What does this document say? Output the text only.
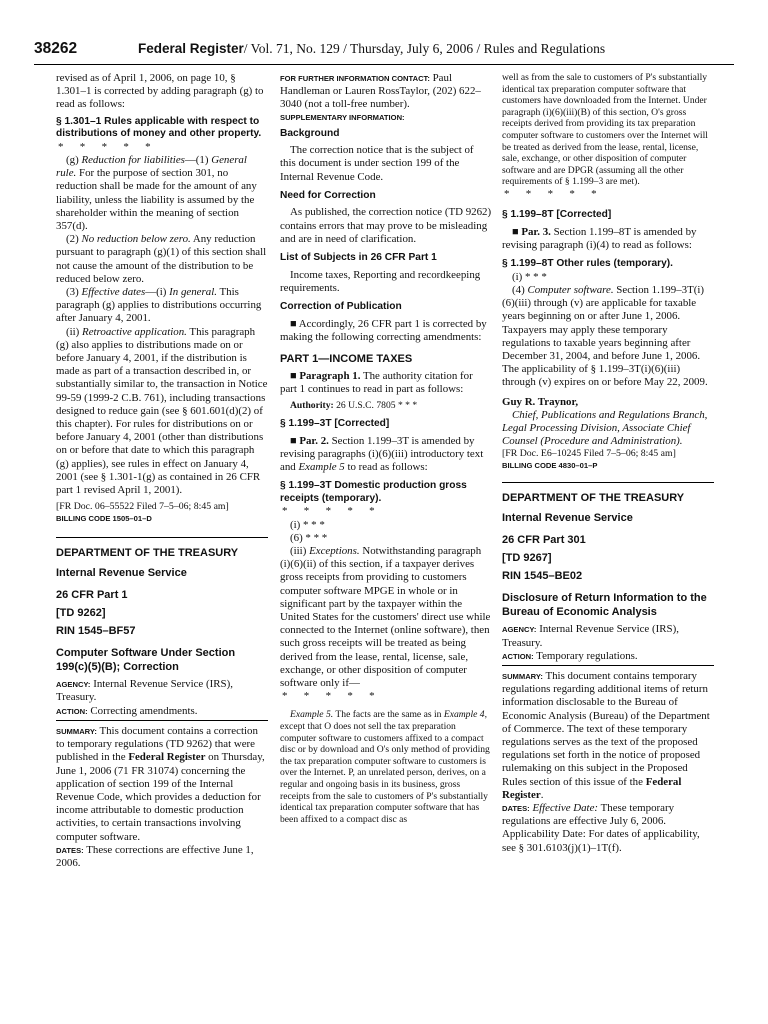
38262	Federal Register/ Vol. 71, No. 129 / Thursday, July 6, 2006 / Rules and Regulations

revised as of April 1, 2006, on page 10, § 1.301–1 is corrected by adding paragraph (g) to read as follows:

§ 1.301–1 Rules applicable with respect to distributions of money and other property.

*      *      *      *      *

(g) Reduction for liabilities—(1) General rule. For the purpose of section 301, no reduction shall be made for the amount of any liability, unless the liability is assumed by the shareholder within the meaning of section 357(d).

(2) No reduction below zero. Any reduction pursuant to paragraph (g)(1) of this section shall not cause the amount of the distribution to be reduced below zero.

(3) Effective dates—(i) In general. This paragraph (g) applies to distributions occurring after January 4, 2001.

(ii) Retroactive application. This paragraph (g) also applies to distributions made on or before January 4, 2001, if the distribution is made as part of a transaction described in, or substantially similar to, the transaction in Notice 99-59 (1999-2 C.B. 761), including transactions designed to reduce gain (see § 601.601(d)(2) of this chapter). For rules for distributions on or before January 4, 2001 (other than distributions on or before that date to which this paragraph (g) applies), see rules in effect on January 4, 2001 (see § 1.301-1(g) as contained in 26 CFR part 1 revised April 1, 2001).

[FR Doc. 06–55522 Filed 7–5–06; 8:45 am]

BILLING CODE 1505–01–D

DEPARTMENT OF THE TREASURY

Internal Revenue Service

26 CFR Part 1

[TD 9262]

RIN 1545–BF57

Computer Software Under Section 199(c)(5)(B); Correction

AGENCY: Internal Revenue Service (IRS), Treasury.

ACTION: Correcting amendments.

SUMMARY: This document contains a correction to temporary regulations (TD 9262) that were published in the Federal Register on Thursday, June 1, 2006 (71 FR 31074) concerning the application of section 199 of the Internal Revenue Code, which provides a deduction for income attributable to domestic production activities, to certain transactions involving computer software.

DATES: These corrections are effective June 1, 2006.

FOR FURTHER INFORMATION CONTACT: Paul Handleman or Lauren RossTaylor, (202) 622–3040 (not a toll-free number).

SUPPLEMENTARY INFORMATION:

Background

The correction notice that is the subject of this document is under section 199 of the Internal Revenue Code.

Need for Correction

As published, the correction notice (TD 9262) contains errors that may prove to be misleading and are in need of clarification.

List of Subjects in 26 CFR Part 1

Income taxes, Reporting and recordkeeping requirements.

Correction of Publication

■ Accordingly, 26 CFR part 1 is corrected by making the following correcting amendments:

PART 1—INCOME TAXES

■ Paragraph 1. The authority citation for part 1 continues to read in part as follows:

Authority: 26 U.S.C. 7805 * * *

§ 1.199–3T [Corrected]

■ Par. 2. Section 1.199–3T is amended by revising paragraphs (i)(6)(iii) introductory text and Example 5 to read as follows:

§ 1.199–3T Domestic production gross receipts (temporary).

*      *      *      *      *

(i) * * *

(6) * * *

(iii) Exceptions. Notwithstanding paragraph (i)(6)(ii) of this section, if a taxpayer derives gross receipts from providing to customers computer software MPGE in whole or in significant part by the taxpayer within the United States for the customers' direct use while connected to the Internet (online software), then such gross receipts will be treated as being derived from the lease, rental, license, sale, exchange, or other disposition of computer software only if—

*      *      *      *      *

Example 5. The facts are the same as in Example 4, except that O does not sell the tax preparation computer software to customers affixed to a compact disc or by download and O's only method of providing the tax preparation computer software to customers is over the Internet. P, an unrelated person, derives, on a regular and ongoing basis in its business, gross receipts from the sale to customers of P's substantially identical tax preparation computer software that has been affixed to a compact disc as

well as from the sale to customers of P's substantially identical tax preparation computer software that customers have downloaded from the Internet. Under paragraph (i)(6)(iii)(B) of this section, O's gross receipts derived from providing its tax preparation computer software to customers over the Internet will be treated as derived from the lease, rental, license, sale, exchange, or other disposition of computer software and are DPGR (assuming all the other requirements of § 1.199–3 are met).

*      *      *      *      *

§ 1.199–8T [Corrected]

■ Par. 3. Section 1.199–8T is amended by revising paragraph (i)(4) to read as follows:

§ 1.199–8T Other rules (temporary).

(i) * * *

(4) Computer software. Section 1.199–3T(i)(6)(iii) through (v) are applicable for taxable years beginning on or after June 1, 2006. Taxpayers may apply these temporary regulations to taxable years beginning after December 31, 2004, and before June 1, 2006. The applicability of § 1.199–3T(i)(6)(iii) through (v) expires on or before May 22, 2009.

Guy R. Traynor,

Chief, Publications and Regulations Branch, Legal Processing Division, Associate Chief Counsel (Procedure and Administration).

[FR Doc. E6–10245 Filed 7–5–06; 8:45 am]

BILLING CODE 4830–01–P

DEPARTMENT OF THE TREASURY

Internal Revenue Service

26 CFR Part 301

[TD 9267]

RIN 1545–BE02

Disclosure of Return Information to the Bureau of Economic Analysis

AGENCY: Internal Revenue Service (IRS), Treasury.

ACTION: Temporary regulations.

SUMMARY: This document contains temporary regulations regarding additional items of return information disclosable to the Bureau of Economic Analysis (Bureau) of the Department of Commerce. The text of these temporary regulations serves as the text of the proposed regulations set forth in the notice of proposed rulemaking on this subject in the Proposed Rules section of this issue of the Federal Register.

DATES: Effective Date: These temporary regulations are effective July 6, 2006. Applicability Date: For dates of applicability, see § 301.6103(j)(1)–1T(f).
